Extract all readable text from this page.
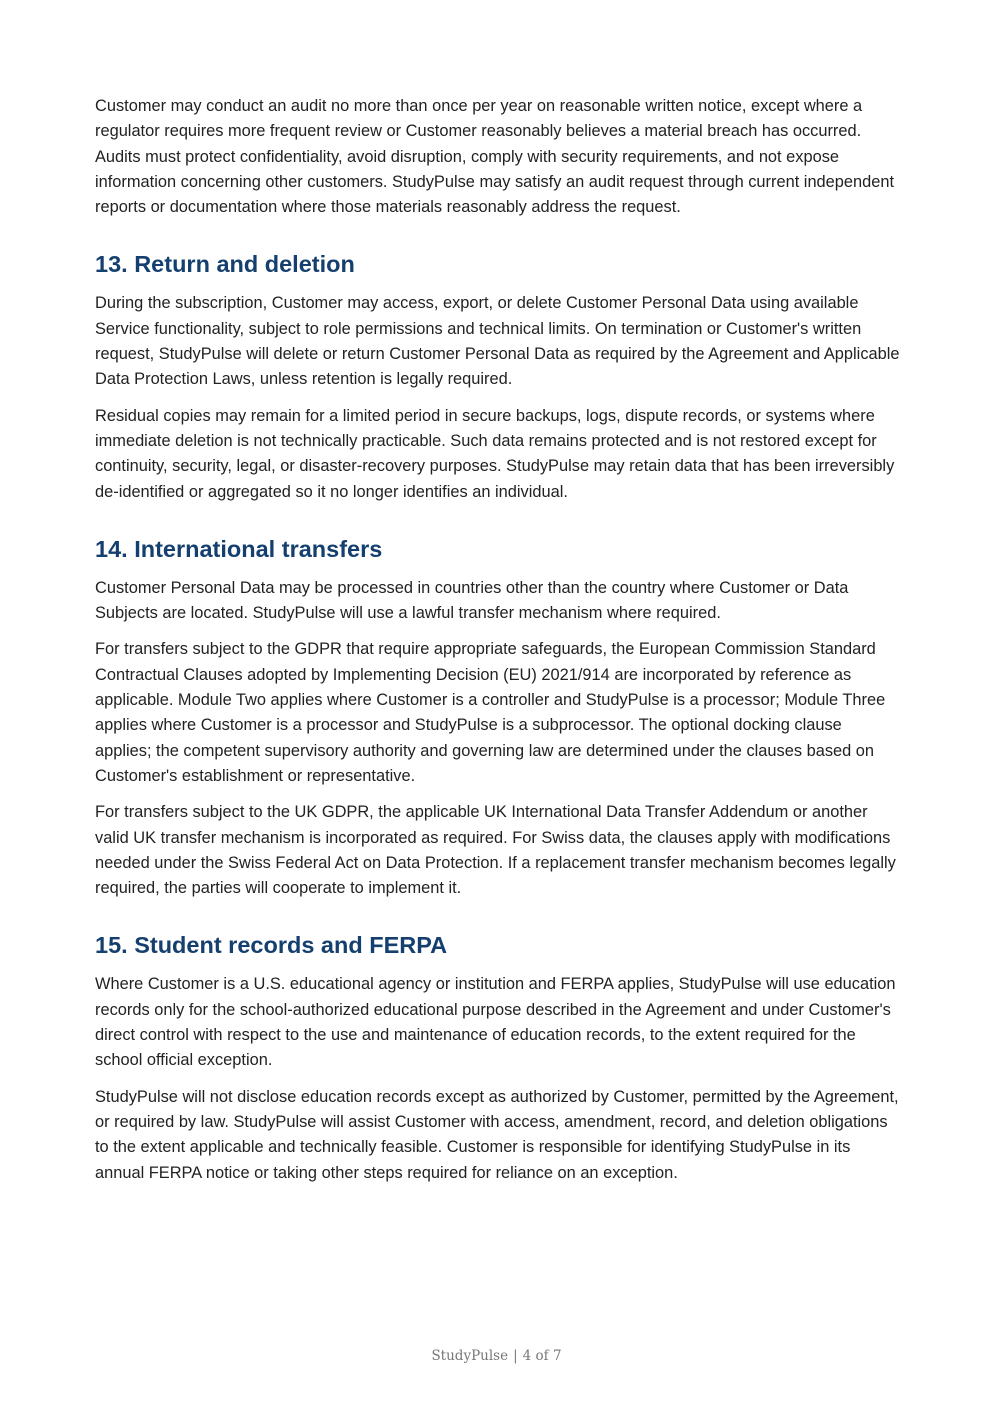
Customer may conduct an audit no more than once per year on reasonable written notice, except where a regulator requires more frequent review or Customer reasonably believes a material breach has occurred. Audits must protect confidentiality, avoid disruption, comply with security requirements, and not expose information concerning other customers. StudyPulse may satisfy an audit request through current independent reports or documentation where those materials reasonably address the request.

13. Return and deletion

During the subscription, Customer may access, export, or delete Customer Personal Data using available Service functionality, subject to role permissions and technical limits. On termination or Customer's written request, StudyPulse will delete or return Customer Personal Data as required by the Agreement and Applicable Data Protection Laws, unless retention is legally required.

Residual copies may remain for a limited period in secure backups, logs, dispute records, or systems where immediate deletion is not technically practicable. Such data remains protected and is not restored except for continuity, security, legal, or disaster-recovery purposes. StudyPulse may retain data that has been irreversibly de-identified or aggregated so it no longer identifies an individual.

14. International transfers

Customer Personal Data may be processed in countries other than the country where Customer or Data Subjects are located. StudyPulse will use a lawful transfer mechanism where required.

For transfers subject to the GDPR that require appropriate safeguards, the European Commission Standard Contractual Clauses adopted by Implementing Decision (EU) 2021/914 are incorporated by reference as applicable. Module Two applies where Customer is a controller and StudyPulse is a processor; Module Three applies where Customer is a processor and StudyPulse is a subprocessor. The optional docking clause applies; the competent supervisory authority and governing law are determined under the clauses based on Customer's establishment or representative.

For transfers subject to the UK GDPR, the applicable UK International Data Transfer Addendum or another valid UK transfer mechanism is incorporated as required. For Swiss data, the clauses apply with modifications needed under the Swiss Federal Act on Data Protection. If a replacement transfer mechanism becomes legally required, the parties will cooperate to implement it.

15. Student records and FERPA

Where Customer is a U.S. educational agency or institution and FERPA applies, StudyPulse will use education records only for the school-authorized educational purpose described in the Agreement and under Customer's direct control with respect to the use and maintenance of education records, to the extent required for the school official exception.

StudyPulse will not disclose education records except as authorized by Customer, permitted by the Agreement, or required by law. StudyPulse will assist Customer with access, amendment, record, and deletion obligations to the extent applicable and technically feasible. Customer is responsible for identifying StudyPulse in its annual FERPA notice or taking other steps required for reliance on an exception.

StudyPulse | 4 of 7
